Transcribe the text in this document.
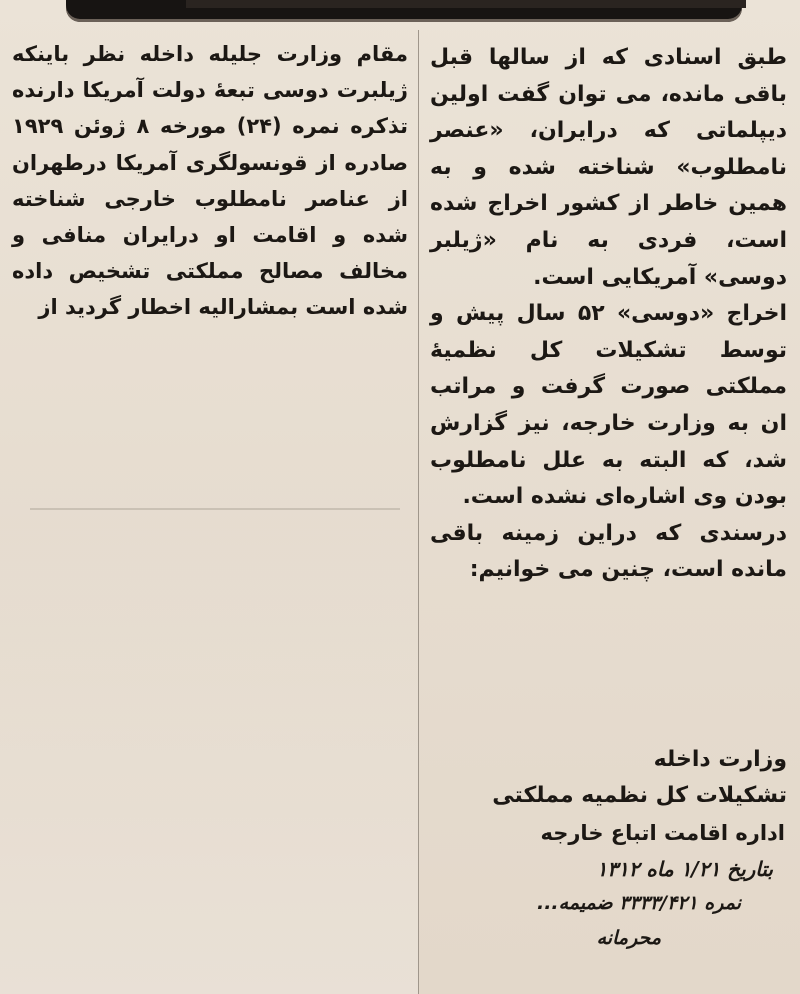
طبق اسنادی که از سالها قبل باقی مانده، می توان گفت اولین دیپلماتی که درایران، «عنصر نامطلوب» شناخته شده و به همین خاطر از کشور اخراج شده است، فردی به نام «ژیلبر دوسی» آمریکایی است.

اخراج «دوسی» ۵۲ سال پیش و توسط تشکیلات کل نظمیهٔ مملکتی صورت گرفت و مراتب ان به وزارت خارجه، نیز گزارش شد، که البته به علل نامطلوب بودن وی اشاره‌ای نشده است.

درسندی که دراین زمینه باقی مانده است، چنین می خوانیم:

وزارت داخله
تشکیلات کل نظمیه مملکتی
اداره اقامت اتباع خارجه
بتاریخ ۱/۲۱ ماه ۱۳۱۲
نمره ۳۳۳۳/۴۲۱ ضمیمه...
محرمانه

مقام وزارت جلیله داخله نظر باینکه ژیلبرت دوسی تبعهٔ دولت آمریکا دارنده تذکره نمره (۲۴) مورخه ۸ ژوئن ۱۹۲۹ صادره از قونسولگری آمریکا درطهران از عناصر نامطلوب خارجی شناخته شده و اقامت او درایران منافی و مخالف مصالح مملکتی تشخیص داده شده است بمشارالیه اخطار گردید از
